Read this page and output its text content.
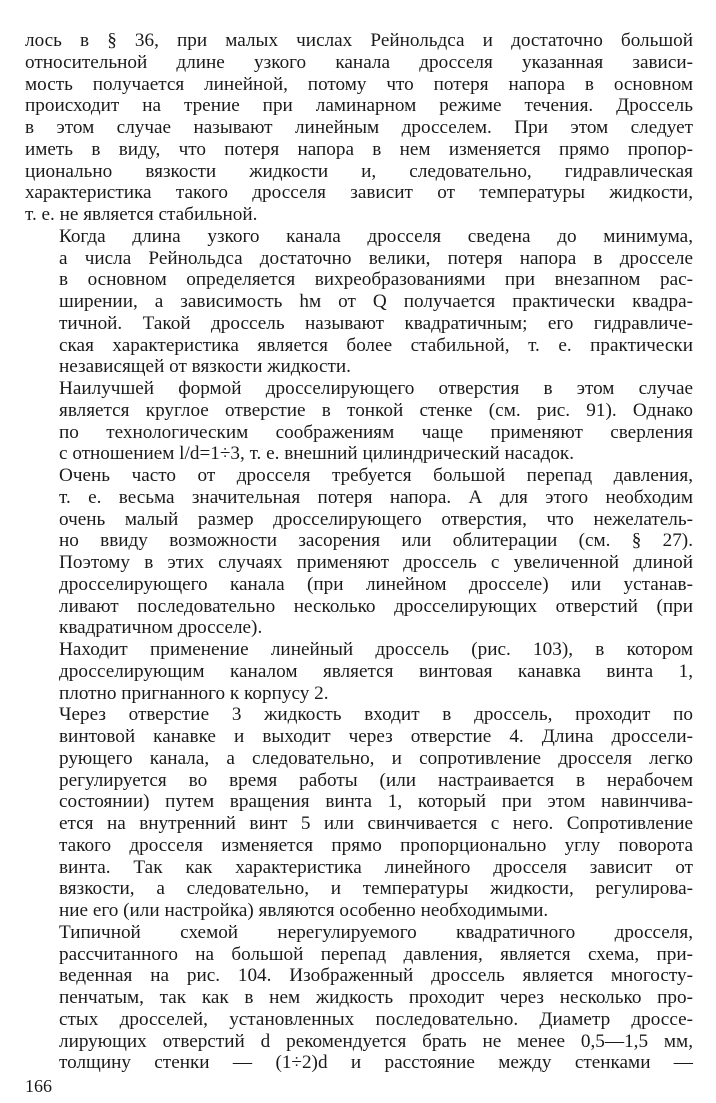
лось в § 36, при малых числах Рейнольдса и достаточно большой
относительной длине узкого канала дросселя указанная зависи-
мость получается линейной, потому что потеря напора в основном
происходит на трение при ламинарном режиме течения. Дроссель
в этом случае называют линейным дросселем. При этом следует
иметь в виду, что потеря напора в нем изменяется прямо пропор-
ционально вязкости жидкости и, следовательно, гидравлическая
характеристика такого дросселя зависит от температуры жидкости,
т. е. не является стабильной.

Когда длина узкого канала дросселя сведена до минимума,
а числа Рейнольдса достаточно велики, потеря напора в дросселе
в основном определяется вихреобразованиями при внезапном рас-
ширении, а зависимость hм от Q получается практически квадра-
тичной. Такой дроссель называют квадратичным; его гидравличе-
ская характеристика является более стабильной, т. е. практически
независящей от вязкости жидкости.

Наилучшей формой дросселирующего отверстия в этом случае
является круглое отверстие в тонкой стенке (см. рис. 91). Однако
по технологическим соображениям чаще применяют сверления
с отношением l/d=1÷3, т. е. внешний цилиндрический насадок.

Очень часто от дросселя требуется большой перепад давления,
т. е. весьма значительная потеря напора. А для этого необходим
очень малый размер дросселирующего отверстия, что нежелатель-
но ввиду возможности засорения или облитерации (см. § 27).
Поэтому в этих случаях применяют дроссель с увеличенной длиной
дросселирующего канала (при линейном дросселе) или устанав-
ливают последовательно несколько дросселирующих отверстий (при
квадратичном дросселе).

Находит применение линейный дроссель (рис. 103), в котором
дросселирующим каналом является винтовая канавка винта 1,
плотно пригнанного к корпусу 2.

Через отверстие 3 жидкость входит в дроссель, проходит по
винтовой канавке и выходит через отверстие 4. Длина дроссели-
рующего канала, а следовательно, и сопротивление дросселя легко
регулируется во время работы (или настраивается в нерабочем
состоянии) путем вращения винта 1, который при этом навинчива-
ется на внутренний винт 5 или свинчивается с него. Сопротивление
такого дросселя изменяется прямо пропорционально углу поворота
винта. Так как характеристика линейного дросселя зависит от
вязкости, а следовательно, и температуры жидкости, регулирова-
ние его (или настройка) являются особенно необходимыми.

Типичной схемой нерегулируемого квадратичного дросселя,
рассчитанного на большой перепад давления, является схема, при-
веденная на рис. 104. Изображенный дроссель является многосту-
пенчатым, так как в нем жидкость проходит через несколько про-
стых дросселей, установленных последовательно. Диаметр дроссе-
лирующих отверстий d рекомендуется брать не менее 0,5—1,5 мм,
толщину стенки — (1÷2)d и расстояние между стенками —

166
